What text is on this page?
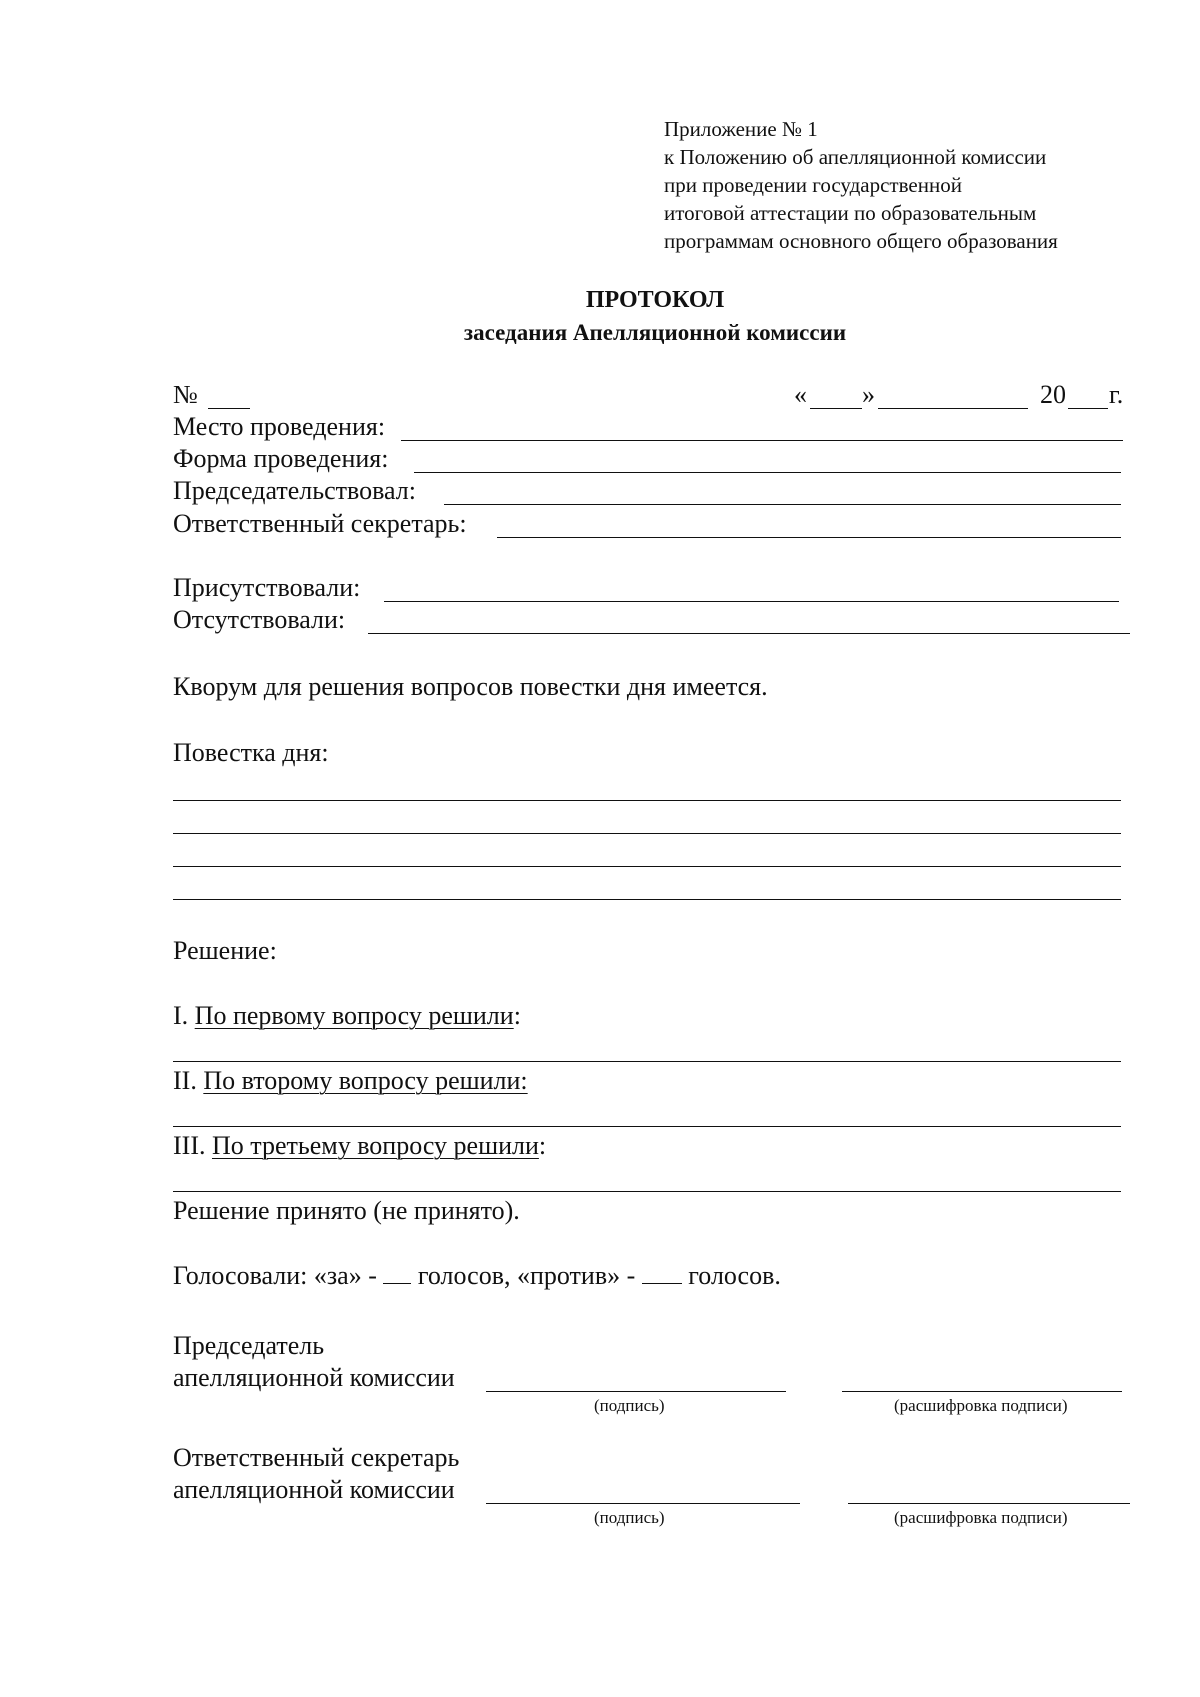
Приложение № 1
к Положению об апелляционной комиссии
при проведении государственной
итоговой аттестации по образовательным
программам основного общего образования
ПРОТОКОЛ
заседания Апелляционной комиссии
№	« »	20 г.
Место проведения:
Форма проведения:
Председательствовал:
Ответственный секретарь:
Присутствовали:
Отсутствовали:
Кворум для решения вопросов повестки дня имеется.
Повестка дня:
Решение:
I. По первому вопросу решили:
II. По второму вопросу решили:
III. По третьему вопросу решили:
Решение принято (не принято).
Голосовали: «за» - голосов, «против» - голосов.
Председатель
апелляционной комиссии
(подпись)	(расшифровка подписи)
Ответственный секретарь
апелляционной комиссии
(подпись)	(расшифровка подписи)
